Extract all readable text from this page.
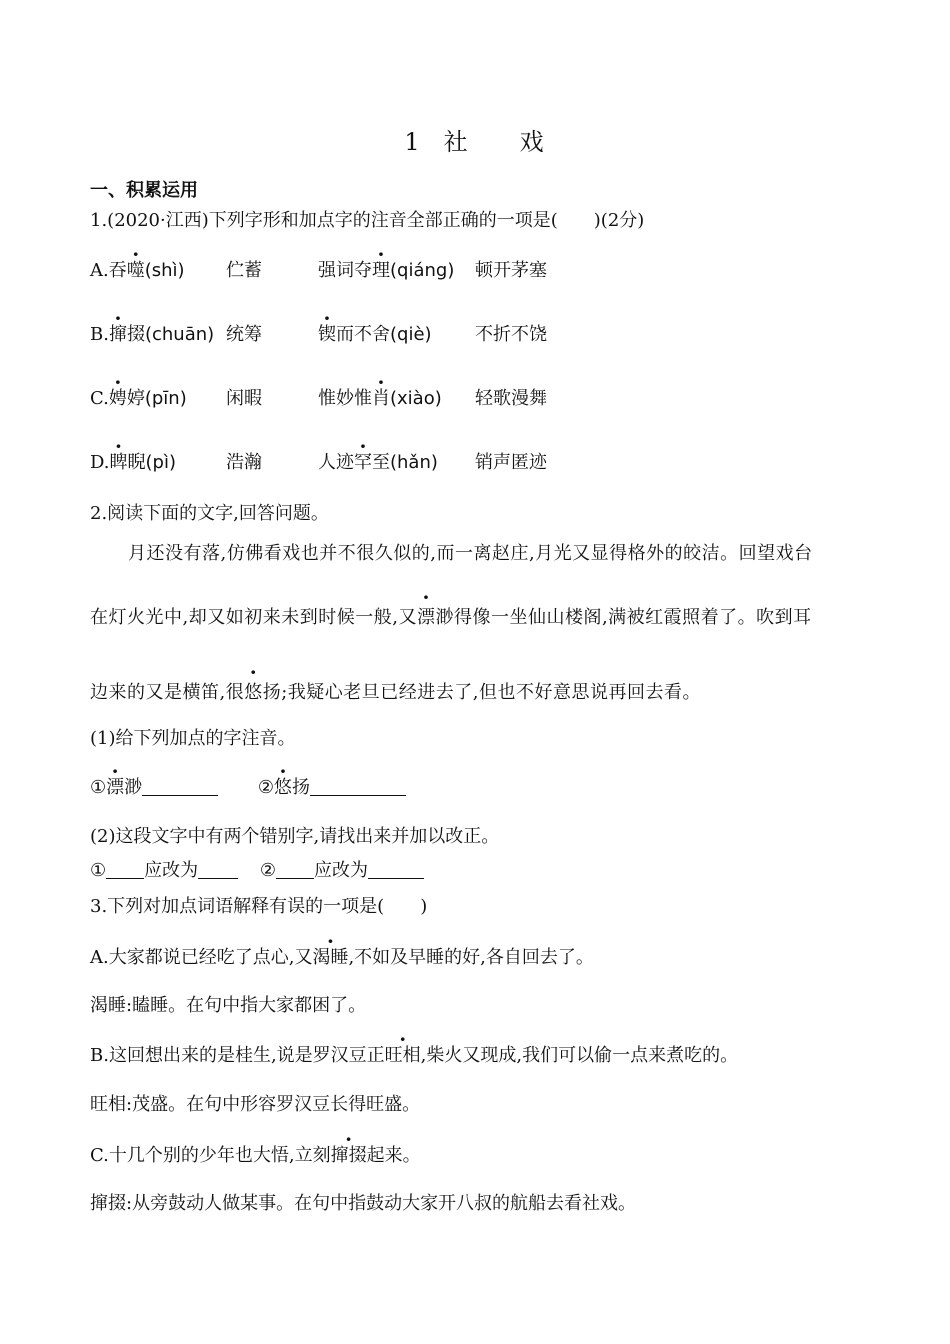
1 社 戏
一、积累运用
1.(2020·江西)下列字形和加点字的注音全部正确的一项是(　　)(2分)
A.吞噬(shì) 伫蓄	强词夺理(qiáng) 顿开茅塞
B.撺掇(chuān) 统筹	锲而不舍(qiè) 不折不饶
C.娉婷(pīn) 闲暇	惟妙惟肖(xiào) 轻歌漫舞
D.睥睨(pì)	浩瀚	人迹罕至(hǎn) 销声匿迹
2.阅读下面的文字,回答问题。
月还没有落,仿佛看戏也并不很久似的,而一离赵庄,月光又显得格外的皎洁。回望戏台
在灯火光中,却又如初来未到时候一般,又漂渺得像一坐仙山楼阁,满被红霞照着了。吹到耳
边来的又是横笛,很悠扬;我疑心老旦已经进去了,但也不好意思说再回去看。
(1)给下列加点的字注音。
①漂渺	②悠扬
(2)这段文字中有两个错别字,请找出来并加以改正。
① 应改为	② 应改为
3.下列对加点词语解释有误的一项是(　　)
A.大家都说已经吃了点心,又渴睡,不如及早睡的好,各自回去了。
渴睡:瞌睡。在句中指大家都困了。
B.这回想出来的是桂生,说是罗汉豆正旺相,柴火又现成,我们可以偷一点来煮吃的。
旺相:茂盛。在句中形容罗汉豆长得旺盛。
C.十几个别的少年也大悟,立刻撺掇起来。
撺掇:从旁鼓动人做某事。在句中指鼓动大家开八叔的航船去看社戏。
